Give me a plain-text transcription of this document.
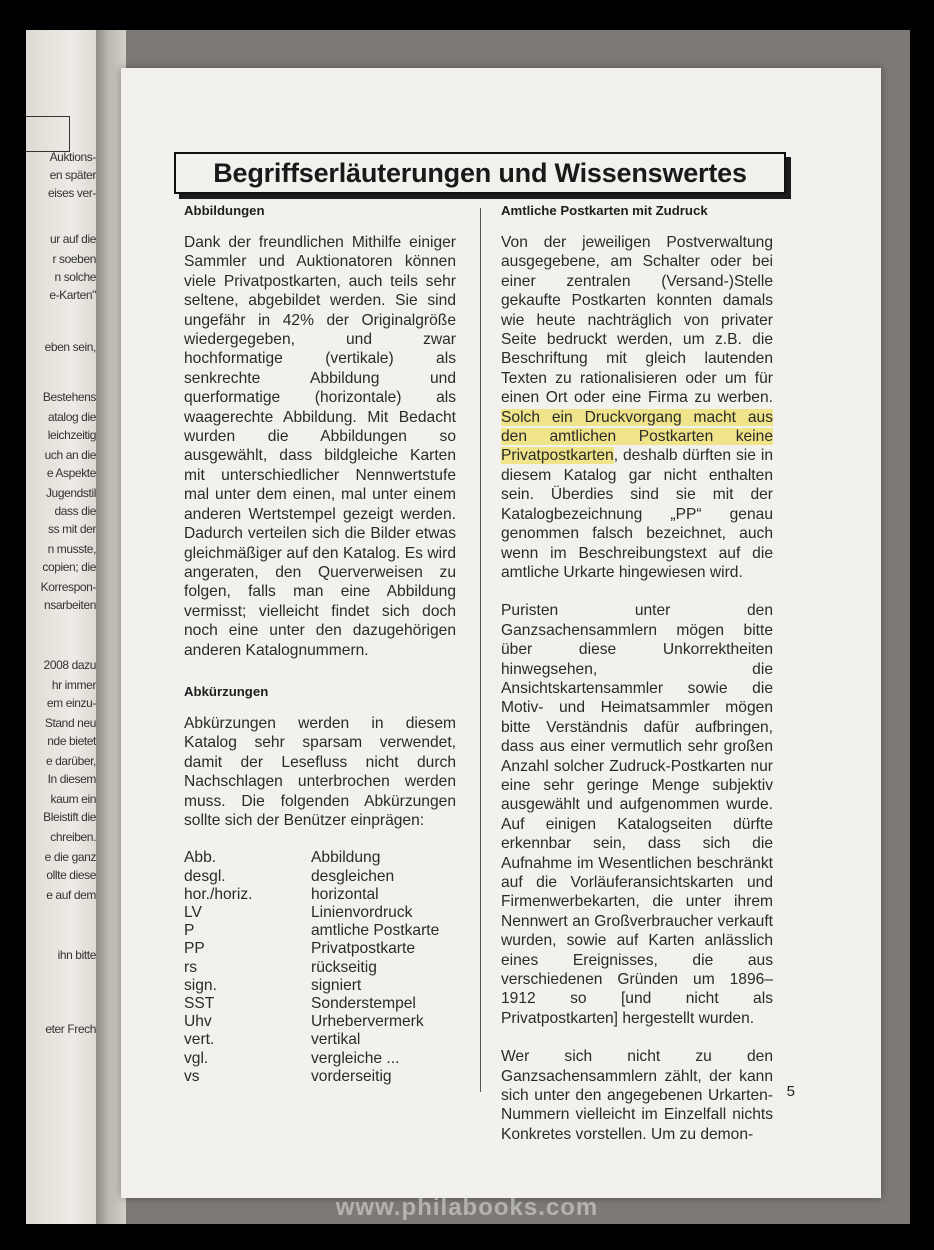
Auktions-
en später
eises ver-
ur auf die
r soeben
n solche
e-Karten"
eben sein,
Bestehens
atalog die
leichzeitig
uch an die
e Aspekte
Jugendstil
dass die
ss mit der
n musste,
copien; die
Korrespon-
nsarbeiten
2008 dazu
hr immer
em einzu-
Stand neu
nde bietet
e darüber,
In diesem
kaum ein
Bleistift die
chreiben.
e die ganz
ollte diese
e auf dem
ihn bitte
eter Frech
Begriffserläuterungen und Wissenswertes
Abbildungen

Dank der freundlichen Mithilfe einiger Sammler und Auktionatoren können viele Privatpostkarten, auch teils sehr seltene, abgebildet werden. Sie sind ungefähr in 42% der Originalgröße wiedergegeben, und zwar hochformatige (vertikale) als senkrechte Abbildung und querformatige (horizontale) als waagerechte Abbildung. Mit Bedacht wurden die Abbildungen so ausgewählt, dass bildgleiche Karten mit unterschiedlicher Nennwertstufe mal unter dem einen, mal unter einem anderen Wertstempel gezeigt werden. Dadurch verteilen sich die Bilder etwas gleichmäßiger auf den Katalog. Es wird angeraten, den Querverweisen zu folgen, falls man eine Abbildung vermisst; vielleicht findet sich doch noch eine unter den dazugehörigen anderen Katalognummern.

Abkürzungen

Abkürzungen werden in diesem Katalog sehr sparsam verwendet, damit der Lesefluss nicht durch Nachschlagen unterbrochen werden muss. Die folgenden Abkürzungen sollte sich der Benützer einprägen:

Abb.	Abbildung
desgl.	desgleichen
hor./horiz.	horizontal
LV	Linienvordruck
P	amtliche Postkarte
PP	Privatpostkarte
rs	rückseitig
sign.	signiert
SST	Sonderstempel
Uhv	Urhebervermerk
vert.	vertikal
vgl.	vergleiche ...
vs	vorderseitig
Amtliche Postkarten mit Zudruck

Von der jeweiligen Postverwaltung ausgegebene, am Schalter oder bei einer zentralen (Versand-)Stelle gekaufte Postkarten konnten damals wie heute nachträglich von privater Seite bedruckt werden, um z.B. die Beschriftung mit gleich lautenden Texten zu rationalisieren oder um für einen Ort oder eine Firma zu werben. Solch ein Druckvorgang macht aus den amtlichen Postkarten keine Privatpostkarten, deshalb dürften sie in diesem Katalog gar nicht enthalten sein. Überdies sind sie mit der Katalogbezeichnung „PP“ genau genommen falsch bezeichnet, auch wenn im Beschreibungstext auf die amtliche Urkarte hingewiesen wird.

Puristen unter den Ganzsachensammlern mögen bitte über diese Unkorrektheiten hinwegsehen, die Ansichtskartensammler sowie die Motiv- und Heimatsammler mögen bitte Verständnis dafür aufbringen, dass aus einer vermutlich sehr großen Anzahl solcher Zudruck-Postkarten nur eine sehr geringe Menge subjektiv ausgewählt und aufgenommen wurde. Auf einigen Katalogseiten dürfte erkennbar sein, dass sich die Aufnahme im Wesentlichen beschränkt auf die Vorläuferansichtskarten und Firmenwerbekarten, die unter ihrem Nennwert an Großverbraucher verkauft wurden, sowie auf Karten anlässlich eines Ereignisses, die aus verschiedenen Gründen um 1896–1912 so [und nicht als Privatpostkarten] hergestellt wurden.

Wer sich nicht zu den Ganzsachensammlern zählt, der kann sich unter den angegebenen Urkarten-Nummern vielleicht im Einzelfall nichts Konkretes vorstellen. Um zu demon-

5
www.philabooks.com
